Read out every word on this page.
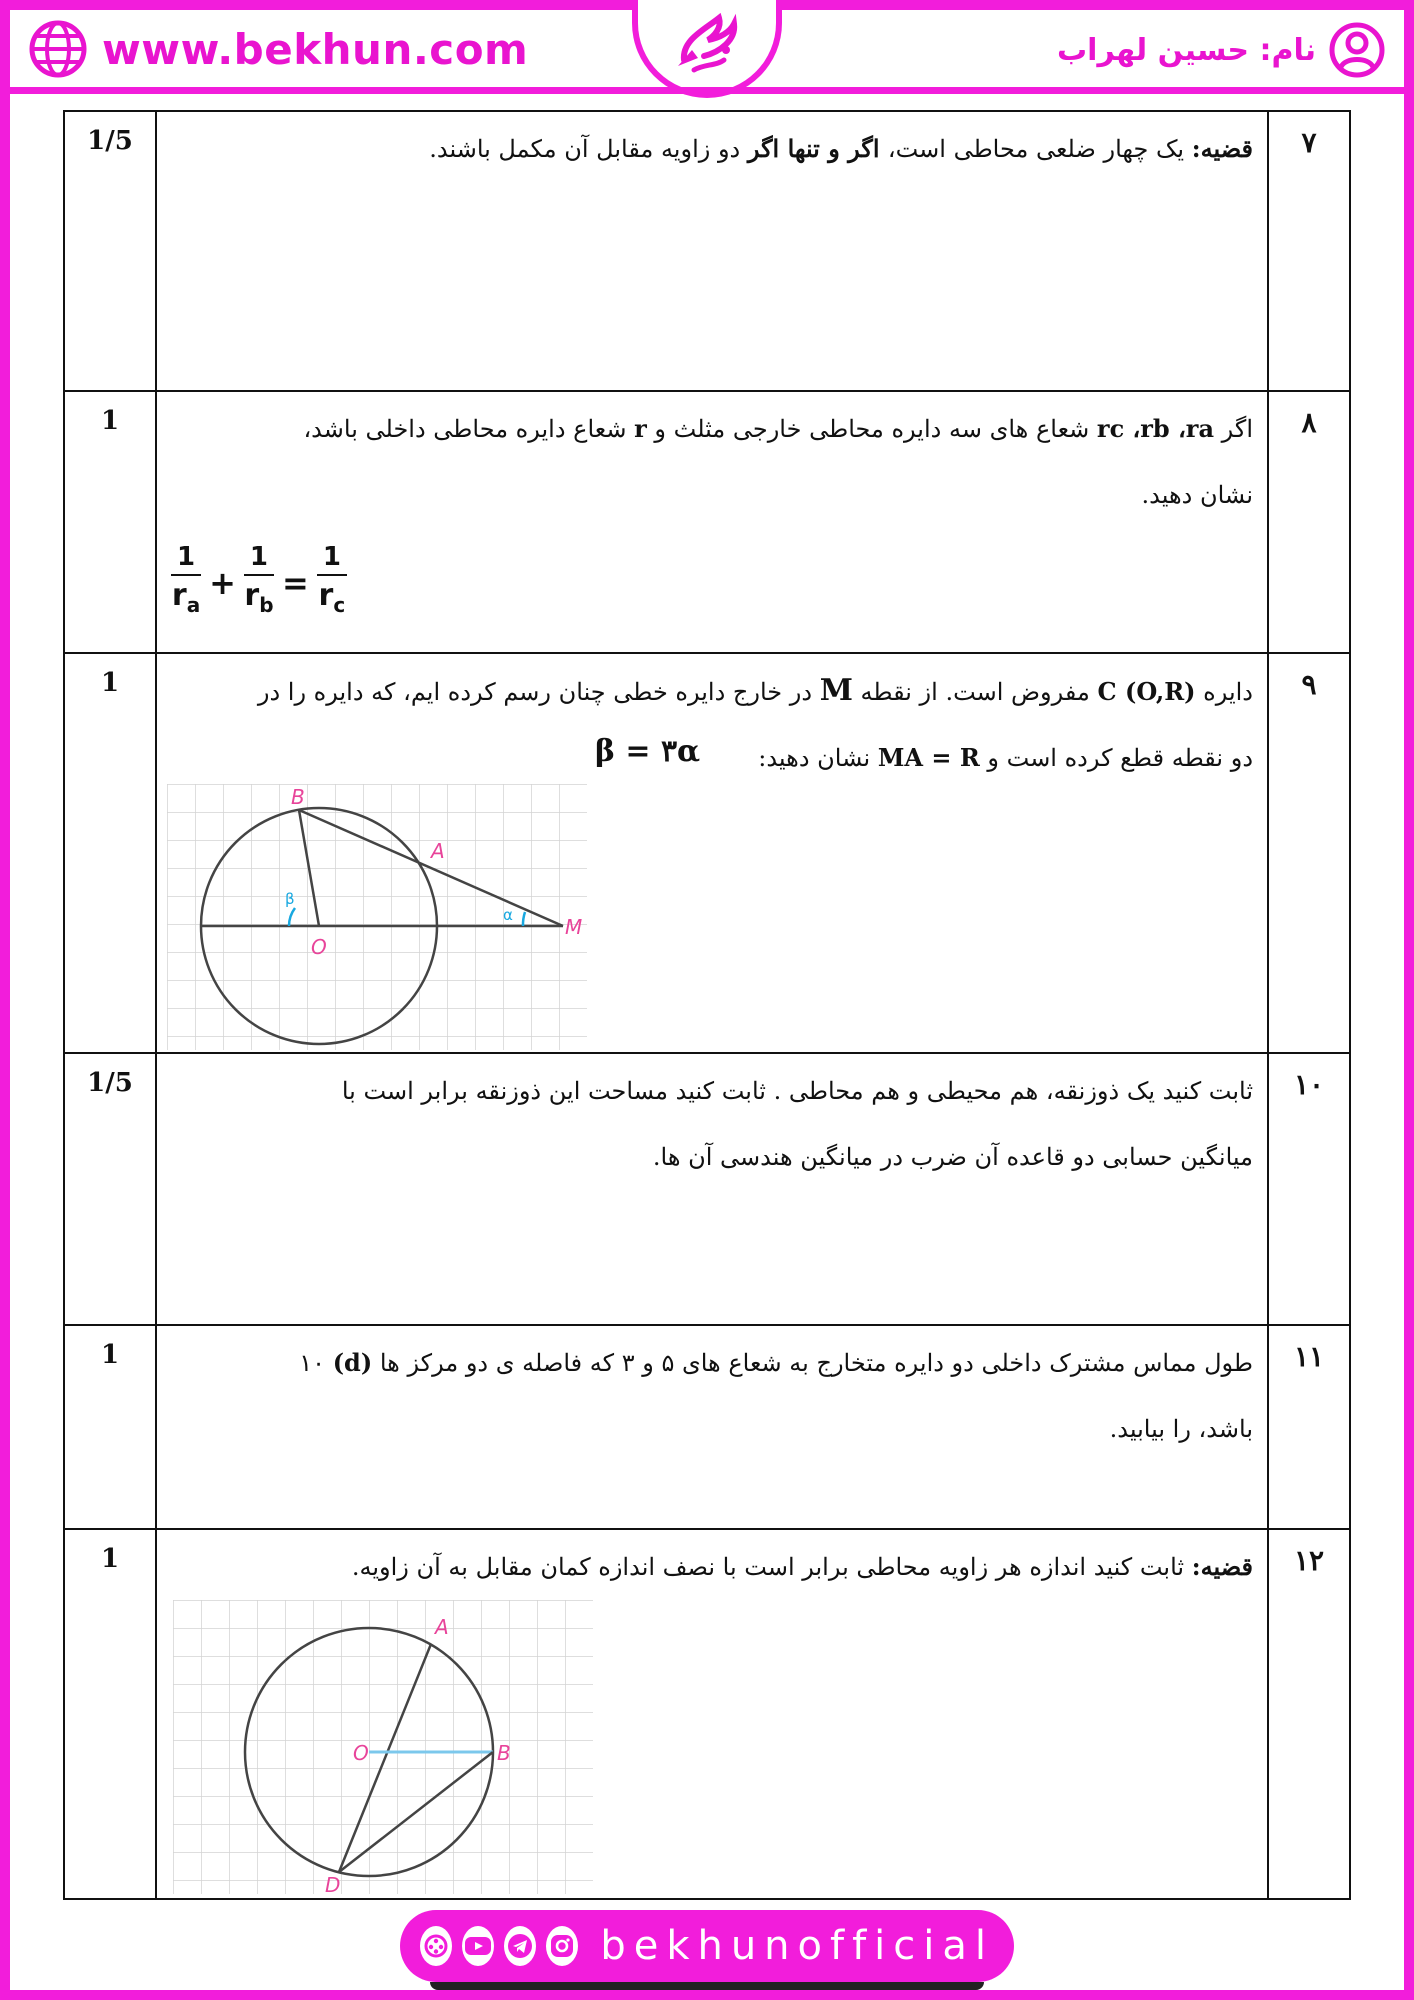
www.bekhun.com	نام: حسین لهراب
۷
قضیه: یک چهار ضلعی محاطی است، اگر و تنها اگر دو زاویه مقابل آن مکمل باشند.
1/5
۸
اگر rc ،rb ،ra شعاع های سه دایره محاطی خارجی مثلث و r شعاع دایره محاطی داخلی باشد،
نشان دهید.
$\frac{1}{r_a} + \frac{1}{r_b} = \frac{1}{r_c}$
1
۹
دایره C (O,R) مفروض است. از نقطه M در خارج دایره خطی چنان رسم کرده ایم، که دایره را در
دو نقطه قطع کرده است و MA = R نشان دهید:
β = ۳α
B
A
O
M
β
α
1
۱۰
ثابت کنید یک ذوزنقه، هم محیطی و هم محاطی . ثابت کنید مساحت این ذوزنقه برابر است با
میانگین حسابی دو قاعده آن ضرب در میانگین هندسی آن ها.
1/5
۱۱
طول مماس مشترک داخلی دو دایره متخارج به شعاع های ۵ و ۳ که فاصله ی دو مرکز ها (d) ۱۰
باشد، را بیابید.
1
۱۲
قضیه: ثابت کنید اندازه هر زاویه محاطی برابر است با نصف اندازه کمان مقابل به آن زاویه.
A
O	B
D
1
bekhunofficial
